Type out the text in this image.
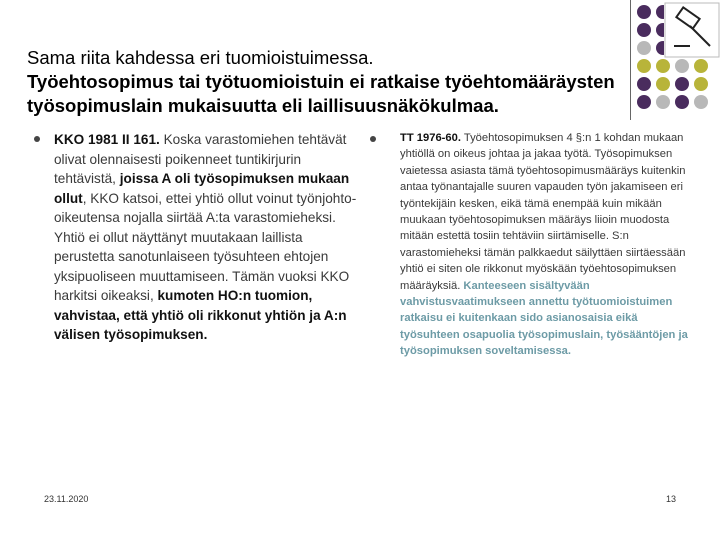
Sama riita kahdessa eri tuomioistuimessa.
Työehtosopimus tai työtuomioistuin ei ratkaise työehtomääräysten
työsopimuslain mukaisuutta eli laillisuusnäkökulmaa.
KKO 1981 II 161. Koska varastomiehen tehtävät olivat olennaisesti poikenneet tuntikirjurin tehtävistä, joissa A oli työsopimuksen mukaan ollut, KKO katsoi, ettei yhtiö ollut voinut työnjohto-oikeutensa nojalla siirtää A:ta varastomieheksi. Yhtiö ei ollut näyttänyt muutakaan laillista perustetta sanotunlaiseen työsuhteen ehtojen yksipuoliseen muuttamiseen. Tämän vuoksi KKO harkitsi oikeaksi, kumoten HO:n tuomion, vahvistaa, että yhtiö oli rikkonut yhtiön ja A:n välisen työsopimuksen.
TT 1976-60. Työehtosopimuksen 4 §:n 1 kohdan mukaan yhtiöllä on oikeus johtaa ja jakaa työtä. Työsopimuksen vaietessa asiasta tämä työehtosopimusmääräys kuitenkin antaa työnantajalle suuren vapauden työn jakamiseen eri työntekijäin kesken, eikä tämä enempää kuin mikään muukaan työehtosopimuksen määräys liioin muodosta mitään estettä tosiin tehtäviin siirtämiselle. S:n varastomieheksi tämän palkkaedut säilyttäen siirtäessään yhtiö ei siten ole rikkonut myöskään työehtosopimuksen määräyksiä. Kanteeseen sisältyvään vahvistusvaatimukseen annettu työtuomioistuimen ratkaisu ei kuitenkaan sido asianosaisia eikä työsuhteen osapuolia työsopimuslain, työsääntöjen ja työsopimuksen soveltamisessa.
23.11.2020	13
